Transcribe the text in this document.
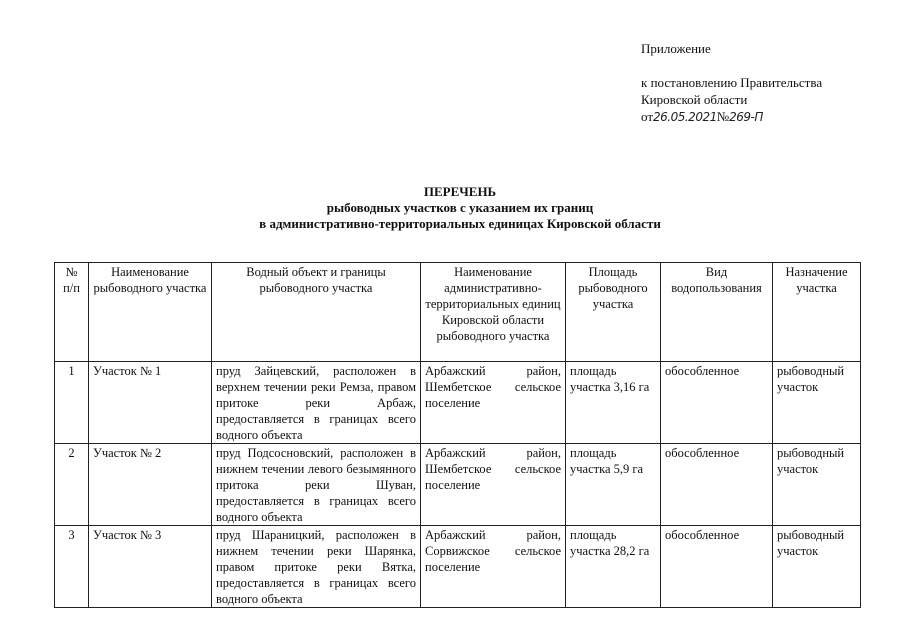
Приложение
к постановлению Правительства
Кировской области
от26.05.2021№269-П
ПЕРЕЧЕНЬ
рыбоводных участков с указанием их границ
в административно-территориальных единицах Кировской области
№ п/п	Наименование рыбоводного участка	Водный объект и границы рыбоводного участка	Наименование административно-территориальных единиц Кировской области рыбоводного участка	Площадь рыбоводного участка	Вид водопользования	Назначение участка
1	Участок № 1	пруд Зайцевский, расположен в верхнем течении реки Ремза, правом притоке реки Арбаж, предоставляется в границах всего водного объекта	Арбажский район, Шембетское сельское поселение	площадь участка 3,16 га	обособленное	рыбоводный участок
2	Участок № 2	пруд Подсосновский, расположен в нижнем течении левого безымянного притока реки Шуван, предоставляется в границах всего водного объекта	Арбажский район, Шембетское сельское поселение	площадь участка 5,9 га	обособленное	рыбоводный участок
3	Участок № 3	пруд Шараницкий, расположен в нижнем течении реки Шарянка, правом притоке реки Вятка, предоставляется в границах всего водного объекта	Арбажский район, Сорвижское сельское поселение	площадь участка 28,2 га	обособленное	рыбоводный участок
